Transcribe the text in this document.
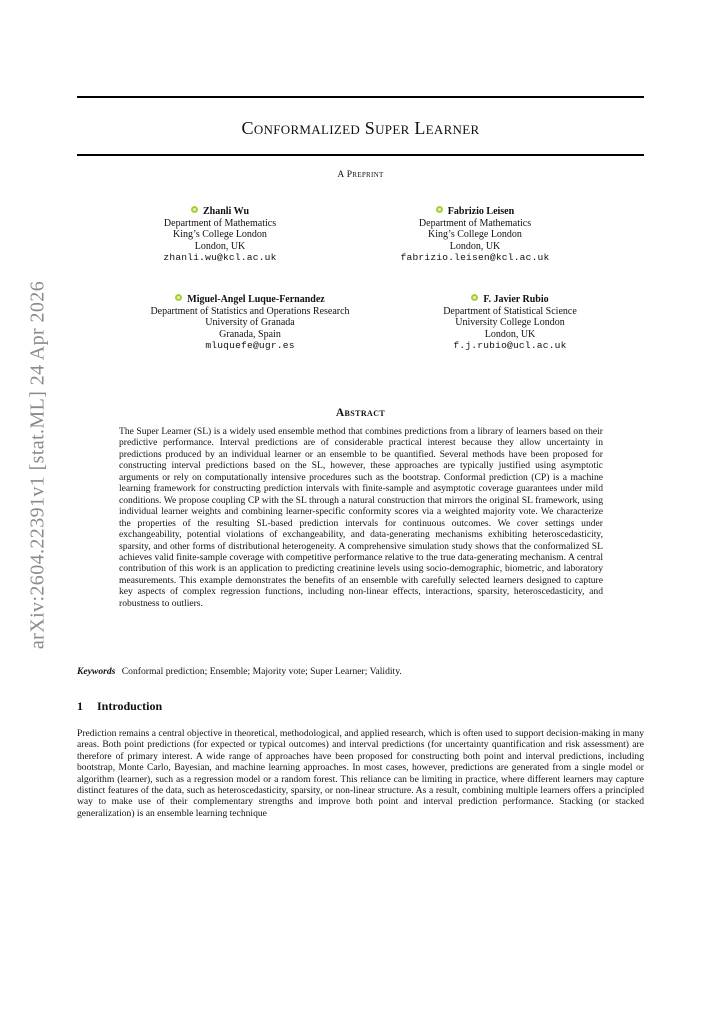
arXiv:2604.22391v1 [stat.ML] 24 Apr 2026
Conformalized Super Learner
A Preprint
Zhanli Wu
Department of Mathematics
King’s College London
London, UK
zhanli.wu@kcl.ac.uk
Fabrizio Leisen
Department of Mathematics
King’s College London
London, UK
fabrizio.leisen@kcl.ac.uk
Miguel-Angel Luque-Fernandez
Department of Statistics and Operations Research
University of Granada
Granada, Spain
mluquefe@ugr.es
F. Javier Rubio
Department of Statistical Science
University College London
London, UK
f.j.rubio@ucl.ac.uk
Abstract

The Super Learner (SL) is a widely used ensemble method that combines predictions from a library of learners based on their predictive performance. Interval predictions are of considerable practical interest because they allow uncertainty in predictions produced by an individual learner or an ensemble to be quantified. Several methods have been proposed for constructing interval predictions based on the SL, however, these approaches are typically justified using asymptotic arguments or rely on computationally intensive procedures such as the bootstrap. Conformal prediction (CP) is a machine learning framework for constructing prediction intervals with finite-sample and asymptotic coverage guarantees under mild conditions. We propose coupling CP with the SL through a natural construction that mirrors the original SL framework, using individual learner weights and combining learner-specific conformity scores via a weighted majority vote. We characterize the properties of the resulting SL-based prediction intervals for continuous outcomes. We cover settings under exchangeability, potential violations of exchangeability, and data-generating mechanisms exhibiting heteroscedasticity, sparsity, and other forms of distributional heterogeneity. A comprehensive simulation study shows that the conformalized SL achieves valid finite-sample coverage with competitive performance relative to the true data-generating mechanism. A central contribution of this work is an application to predicting creatinine levels using socio-demographic, biometric, and laboratory measurements. This example demonstrates the benefits of an ensemble with carefully selected learners designed to capture key aspects of complex regression functions, including non-linear effects, interactions, sparsity, heteroscedasticity, and robustness to outliers.

Keywords Conformal prediction; Ensemble; Majority vote; Super Learner; Validity.
1 Introduction

Prediction remains a central objective in theoretical, methodological, and applied research, which is often used to support decision-making in many areas. Both point predictions (for expected or typical outcomes) and interval predictions (for uncertainty quantification and risk assessment) are therefore of primary interest. A wide range of approaches have been proposed for constructing both point and interval predictions, including bootstrap, Monte Carlo, Bayesian, and machine learning approaches. In most cases, however, predictions are generated from a single model or algorithm (learner), such as a regression model or a random forest. This reliance can be limiting in practice, where different learners may capture distinct features of the data, such as heteroscedasticity, sparsity, or non-linear structure. As a result, combining multiple learners offers a principled way to make use of their complementary strengths and improve both point and interval prediction performance. Stacking (or stacked generalization) is an ensemble learning technique
